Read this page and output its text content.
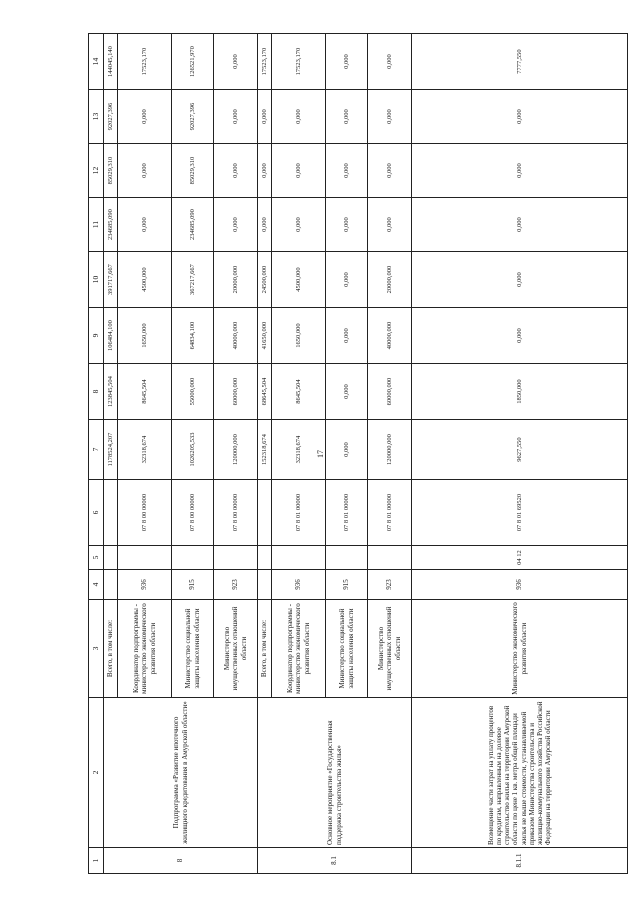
17
1	2	3	4	5	6	7	8	9	10	11	12	13	14
8	Подпрограмма «Развитие ипотечного жилищного кредитования в Амурской области»	Всего, в том числе:				1178524,207	123845,504	106484,100	391717,667	234685,090	85029,310	92027,396	144045,140
		Координатор подпрограммы - министерство экономического развития области	936		07 8 00 00000	32318,674	8645,504	1650,000	4500,000	0,000	0,000	0,000	17523,170
		Министерство социальной защиты населения области	915		07 8 00 00000	1026205,533	55000,000	64834,100	367217,667	234685,090	85029,310	92027,396	126521,970
		Министерство имущественных отношений области	923		07 8 00 00000	120000,000	60000,000	40000,000	20000,000	0,000	0,000	0,000	0,000
8.1	Основное мероприятие «Государственная поддержка строительства жилья»	Всего, в том числе:				152318,674	68645,504	41650,000	24500,000	0,000	0,000	0,000	17523,170
		Координатор подпрограммы - министерство экономического развития области	936		07 8 01 00000	32318,674	8645,504	1650,000	4500,000	0,000	0,000	0,000	17523,170
		Министерство социальной защиты населения области	915		07 8 01 00000	0,000	0,000	0,000	0,000	0,000	0,000	0,000	0,000
		Министерство имущественных отношений области	923		07 8 01 00000	120000,000	60000,000	40000,000	20000,000	0,000	0,000	0,000	0,000
8.1.1	Возмещение части затрат на уплату процентов по кредитам, направленным на долевое строительство жилья на территории Амурской области по цене 1 кв. метра общей площади жилья не выше стоимости, устанавливаемой приказом Министерства строительства и жилищно-коммунального хозяйства Российской Федерации на территории Амурской области	Министерство экономического развития области	936	04 12	07 8 01 69520	9627,550	1850,000	0,000	0,000	0,000	0,000	0,000	7777,550
